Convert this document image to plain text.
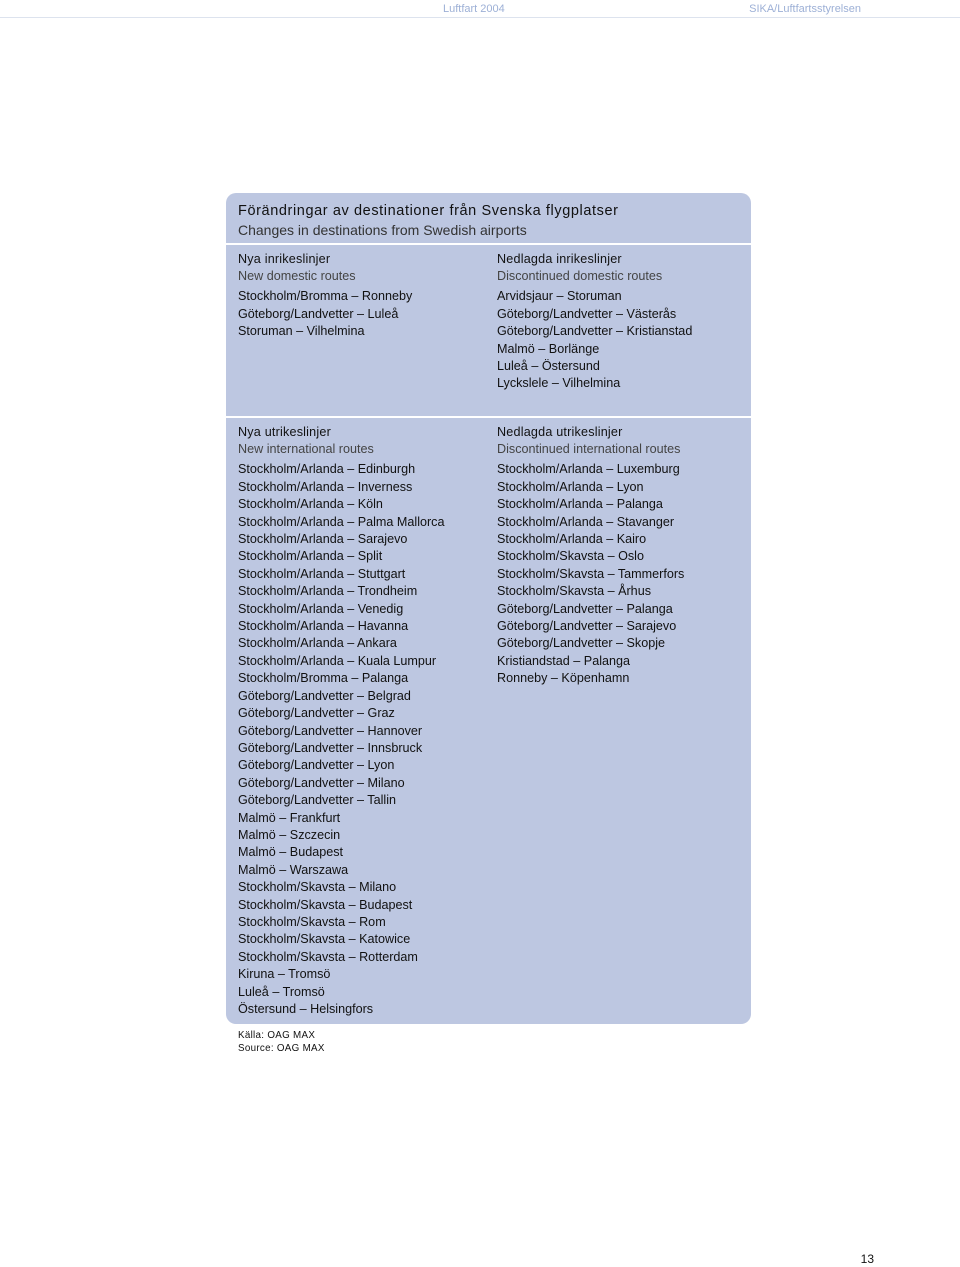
Luftfart 2004	SIKA/Luftfartsstyrelsen
Förändringar av destinationer från Svenska flygplatser
Changes in destinations from Swedish airports
Nya inrikeslinjer
New domestic routes
Stockholm/Bromma – Ronneby
Göteborg/Landvetter – Luleå
Storuman – Vilhelmina
Nedlagda inrikeslinjer
Discontinued domestic routes
Arvidsjaur – Storuman
Göteborg/Landvetter – Västerås
Göteborg/Landvetter – Kristianstad
Malmö – Borlänge
Luleå – Östersund
Lyckslele – Vilhelmina
Nya utrikeslinjer
New international routes
Stockholm/Arlanda – Edinburgh
Stockholm/Arlanda – Inverness
Stockholm/Arlanda – Köln
Stockholm/Arlanda – Palma Mallorca
Stockholm/Arlanda – Sarajevo
Stockholm/Arlanda – Split
Stockholm/Arlanda – Stuttgart
Stockholm/Arlanda – Trondheim
Stockholm/Arlanda – Venedig
Stockholm/Arlanda – Havanna
Stockholm/Arlanda – Ankara
Stockholm/Arlanda – Kuala Lumpur
Stockholm/Bromma – Palanga
Göteborg/Landvetter – Belgrad
Göteborg/Landvetter – Graz
Göteborg/Landvetter – Hannover
Göteborg/Landvetter – Innsbruck
Göteborg/Landvetter – Lyon
Göteborg/Landvetter – Milano
Göteborg/Landvetter – Tallin
Malmö – Frankfurt
Malmö – Szczecin
Malmö – Budapest
Malmö – Warszawa
Stockholm/Skavsta – Milano
Stockholm/Skavsta – Budapest
Stockholm/Skavsta – Rom
Stockholm/Skavsta – Katowice
Stockholm/Skavsta – Rotterdam
Kiruna – Tromsö
Luleå – Tromsö
Östersund – Helsingfors
Nedlagda utrikeslinjer
Discontinued international routes
Stockholm/Arlanda – Luxemburg
Stockholm/Arlanda – Lyon
Stockholm/Arlanda – Palanga
Stockholm/Arlanda – Stavanger
Stockholm/Arlanda – Kairo
Stockholm/Skavsta – Oslo
Stockholm/Skavsta – Tammerfors
Stockholm/Skavsta – Århus
Göteborg/Landvetter – Palanga
Göteborg/Landvetter – Sarajevo
Göteborg/Landvetter – Skopje
Kristiandstad – Palanga
Ronneby – Köpenhamn
Källa: OAG MAX
Source: OAG MAX
13
